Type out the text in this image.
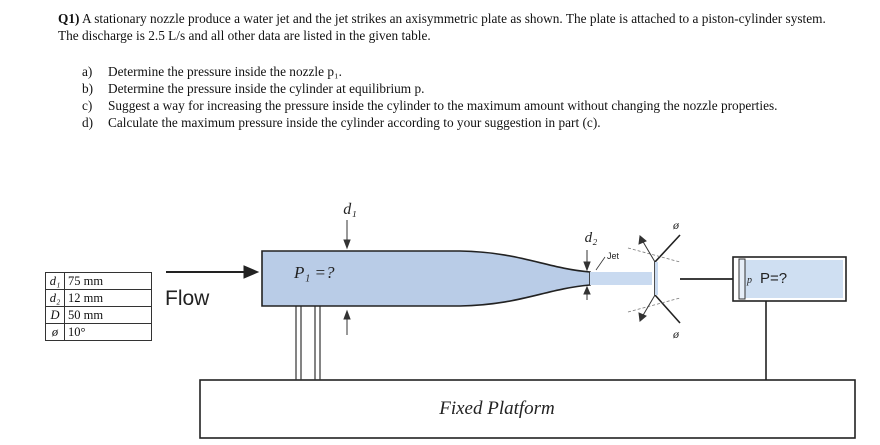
Q1) A stationary nozzle produce a water jet and the jet strikes an axisymmetric plate as shown. The plate is attached to a piston-cylinder system. The discharge is 2.5 L/s and all other data are listed in the given table.
a) Determine the pressure inside the nozzle p₁.
b) Determine the pressure inside the cylinder at equilibrium p.
c) Suggest a way for increasing the pressure inside the cylinder to the maximum amount without changing the nozzle properties.
d) Calculate the maximum pressure inside the cylinder according to your suggestion in part (c).
d₁	75 mm
d₂	12 mm
D	50 mm
ø	10°
Fixed Platform
d₁
P₁ =?
d₂
Jet
Flow
ø
ø
p P=?
